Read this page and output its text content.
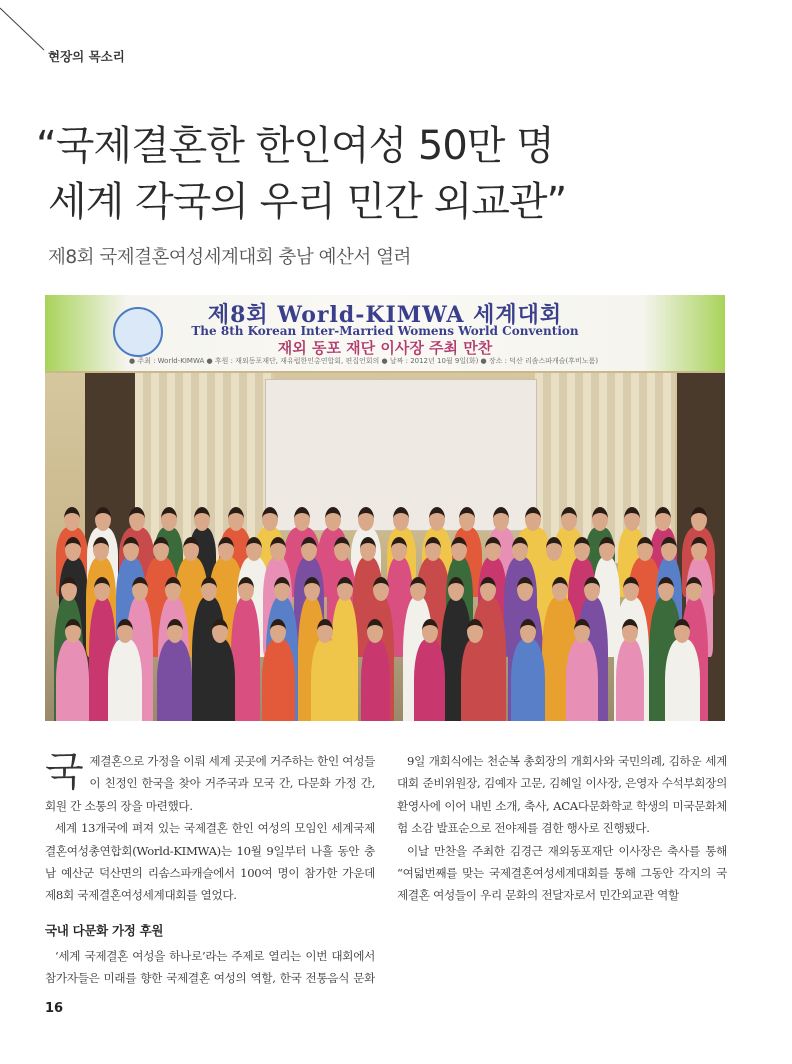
현장의 목소리
“국제결혼한 한인여성 50만 명
세계 각국의 우리 민간 외교관”
제8회 국제결혼여성세계대회 충남 예산서 열려
제8회 World-KIMWA 세계대회
The 8th Korean Inter-Married Womens World Convention
재외 동포 재단 이사장 주최 만찬
● 주최 : World-KIMWA ● 후원 : 재외동포재단, 재유럽한인총연합회, 편집언회의 ● 날짜 : 2012년 10월 9일(화) ● 장소 : 덕산 리솜스파캐슬(후비노룸)

국제결혼으로 가정을 이뤄 세계 곳곳에 거주하는 한인 여성들이 친정인 한국을 찾아 거주국과 모국 간, 다문화 가정 간, 회원 간 소통의 장을 마련했다.

세계 13개국에 펴져 있는 국제결혼 한인 여성의 모임인 세계국제결혼여성총연합회(World-KIMWA)는 10월 9일부터 나흘 동안 충남 예산군 덕산면의 리솜스파캐슬에서 100여 명이 참가한 가운데 제8회 국제결혼여성세계대회를 열었다.

국내 다문화 가정 후원

‘세계 국제결혼 여성을 하나로’라는 주제로 열리는 이번 대회에서 참가자들은 미래를 향한 국제결혼 여성의 역할, 한국 전통음식 문화

9일 개회식에는 천순복 총회장의 개회사와 국민의례, 김하운 세계대회 준비위원장, 김예자 고문, 김혜일 이사장, 은영자 수석부회장의 환영사에 이어 내빈 소개, 축사, ACA다문화학교 학생의 미국문화체험 소감 발표순으로 전야제를 겸한 행사로 진행됐다.

이날 만찬을 주최한 김경근 재외동포재단 이사장은 축사를 통해 “여덟번째를 맞는 국제결혼여성세계대회를 통해 그동안 각지의 국제결혼 여성들이 우리 문화의 전달자로서 민간외교관 역할

16
